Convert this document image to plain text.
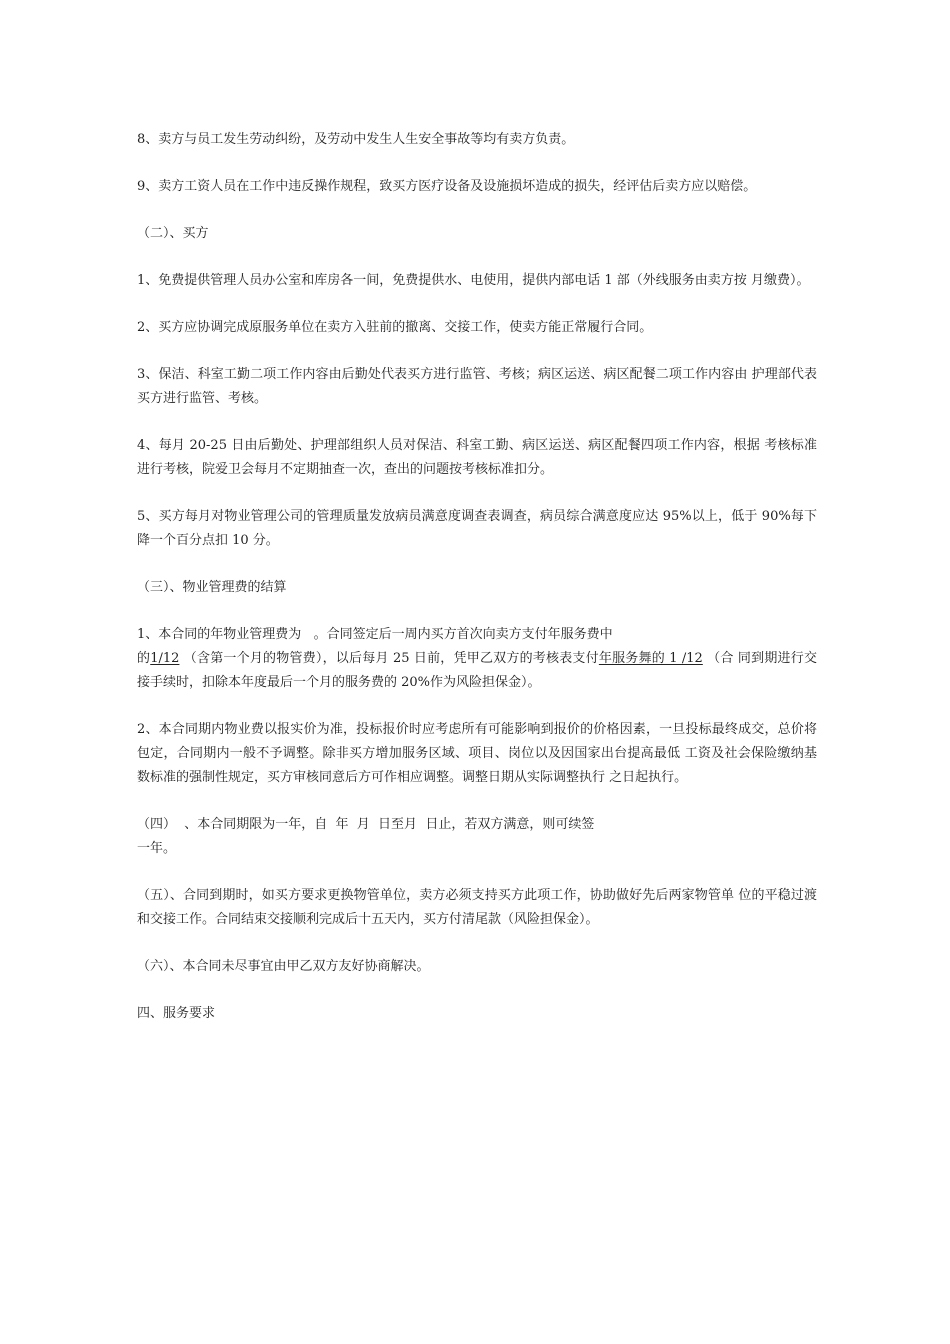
8、卖方与员工发生劳动纠纷，及劳动中发生人生安全事故等均有卖方负责。

9、卖方工资人员在工作中违反操作规程，致买方医疗设备及设施损坏造成的损失，经评估后卖方应以赔偿。

（二）、买方

1、免费提供管理人员办公室和库房各一间，免费提供水、电使用，提供内部电话 1 部（外线服务由卖方按 月缴费）。

2、买方应协调完成原服务单位在卖方入驻前的撤离、交接工作，使卖方能正常履行合同。

3、保洁、科室工勤二项工作内容由后勤处代表买方进行监管、考核；病区运送、病区配餐二项工作内容由 护理部代表买方进行监管、考核。

4、每月 20-25 日由后勤处、护理部组织人员对保洁、科室工勤、病区运送、病区配餐四项工作内容，根据 考核标准进行考核，院爱卫会每月不定期抽查一次，查出的问题按考核标准扣分。

5、买方每月对物业管理公司的管理质量发放病员满意度调查表调查，病员综合满意度应达 95%以上，低于 90%每下降一个百分点扣 10 分。

（三）、物业管理费的结算

1、本合同的年物业管理费为   。合同签定后一周内买方首次向卖方支付年服务费中

的1/12 （含第一个月的物管费），以后每月 25 日前，凭甲乙双方的考核表支付年服务舞的 1 /12 （合 同到期进行交接手续时，扣除本年度最后一个月的服务费的 20%作为风险担保金）。

2、本合同期内物业费以报实价为准，投标报价时应考虑所有可能影响到报价的价格因素，一旦投标最终成交，总价将包定，合同期内一般不予调整。除非买方增加服务区域、项目、岗位以及因国家出台提高最低 工资及社会保险缴纳基数标准的强制性规定，买方审核同意后方可作相应调整。调整日期从实际调整执行 之日起执行。

（四）  、本合同期限为一年，自  年  月  日至月  日止，若双方满意，则可续签

一年。

（五）、合同到期时，如买方要求更换物管单位，卖方必须支持买方此项工作，协助做好先后两家物管单 位的平稳过渡和交接工作。合同结束交接顺利完成后十五天内，买方付清尾款（风险担保金）。

（六）、本合同未尽事宜由甲乙双方友好协商解决。

四、服务要求
